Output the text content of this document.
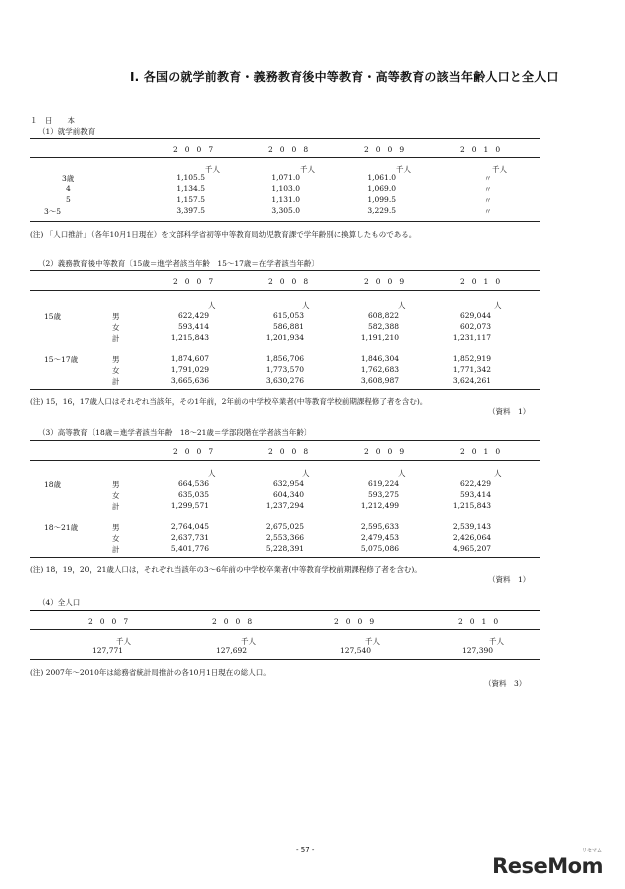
I. 各国の就学前教育・義務教育後中等教育・高等教育の該当年齢人口と全人口
１　日　　本
（1）就学前教育
2007	2008	2009	2010
千人	千人	千人	千人
3歳	1,105.5	1,071.0	1,061.0	〃
4	1,134.5	1,103.0	1,069.0	〃
5	1,157.5	1,131.0	1,099.5	〃
3～5	3,397.5	3,305.0	3,229.5	〃
(注) 「人口推計」（各年10月1日現在）を文部科学省初等中等教育局幼児教育課で学年齢別に換算したものである。
（2）義務教育後中等教育〔15歳＝進学者該当年齢　15～17歳＝在学者該当年齢〕
2007	2008	2009	2010
人	人	人	人
15歳	男	622,429	615,053	608,822	629,044
女	593,414	586,881	582,388	602,073
計	1,215,843	1,201,934	1,191,210	1,231,117
15～17歳	男	1,874,607	1,856,706	1,846,304	1,852,919
女	1,791,029	1,773,570	1,762,683	1,771,342
計	3,665,636	3,630,276	3,608,987	3,624,261
(注) 15，16，17歳人口はそれぞれ当該年，その1年前，2年前の中学校卒業者(中等教育学校前期課程修了者を含む)。
（資料　1）
（3）高等教育〔18歳＝進学者該当年齢　18～21歳＝学部段階在学者該当年齢〕
2007	2008	2009	2010
人	人	人	人
18歳	男	664,536	632,954	619,224	622,429
女	635,035	604,340	593,275	593,414
計	1,299,571	1,237,294	1,212,499	1,215,843
18～21歳	男	2,764,045	2,675,025	2,595,633	2,539,143
女	2,637,731	2,553,366	2,479,453	2,426,064
計	5,401,776	5,228,391	5,075,086	4,965,207
(注) 18，19，20，21歳人口は，それぞれ当該年の3～6年前の中学校卒業者(中等教育学校前期課程修了者を含む)。
（資料　1）
（4）全人口
2007	2008	2009	2010
千人	千人	千人	千人
127,771	127,692	127,540	127,390
(注) 2007年～2010年は総務省統計局推計の各10月1日現在の総人口。
（資料　3）
- 57 -	リセマム
ReseMom
